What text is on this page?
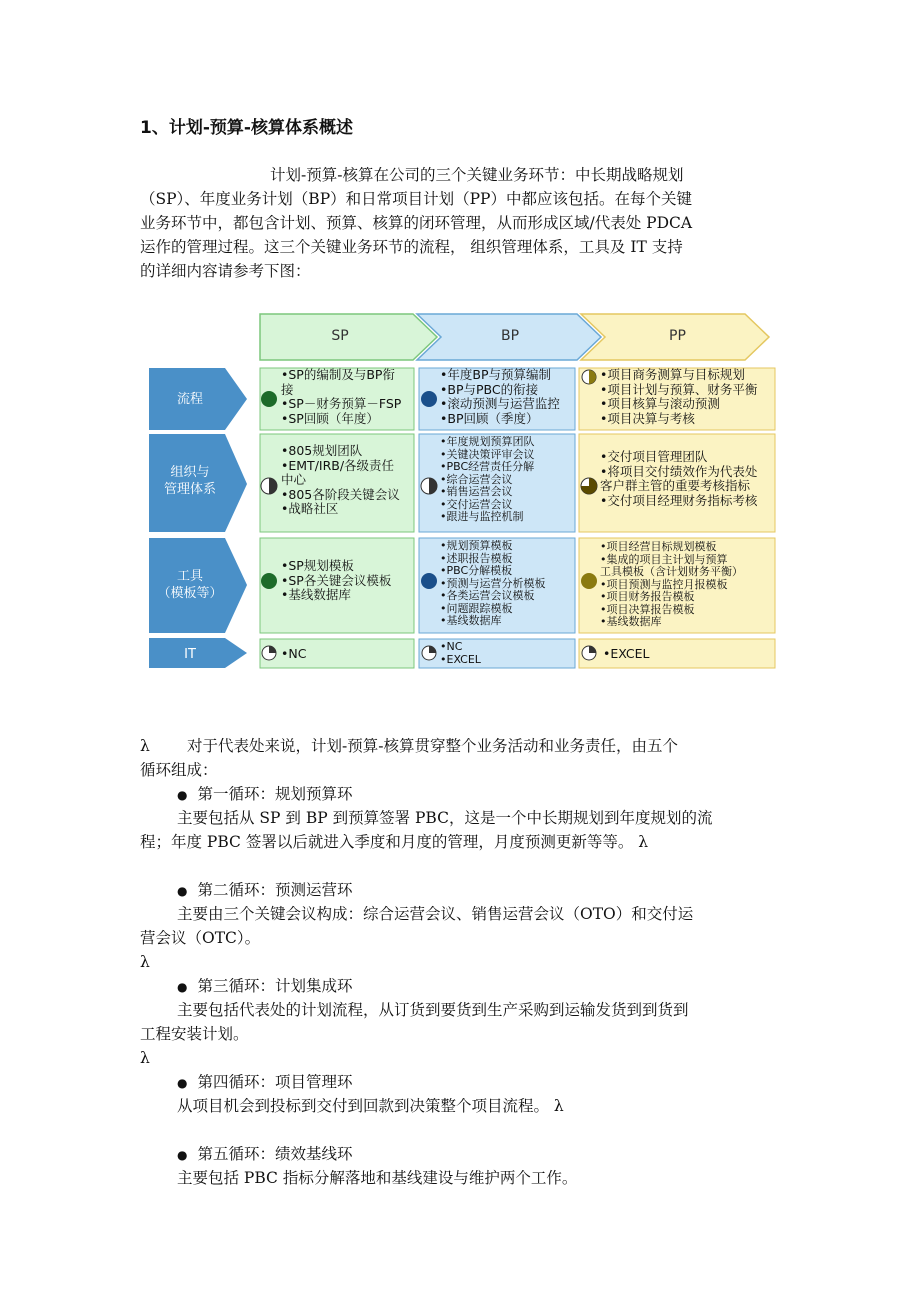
1、计划-预算-核算体系概述
计划-预算-核算在公司的三个关键业务环节：中长期战略规划
（SP）、年度业务计划（BP）和日常项目计划（PP）中都应该包括。在每个关键
业务环节中，都包含计划、预算、核算的闭环管理，从而形成区域/代表处 PDCA
运作的管理过程。这三个关键业务环节的流程， 组织管理体系，工具及 IT 支持
的详细内容请参考下图：
SP	BP	PP
流程
组织与
管理体系
工具
（模板等）
IT
•SP的编制及与BP衔
接
•SP－财务预算－FSP
•SP回顾（年度）
•805规划团队
•EMT/IRB/各级责任
中心
•805各阶段关键会议
•战略社区
•SP规划模板
•SP各关键会议模板
•基线数据库
•NC
•年度BP与预算编制
•BP与PBC的衔接
•滚动预测与运营监控
•BP回顾（季度）
•年度规划预算团队
•关键决策评审会议
•PBC经营责任分解
•综合运营会议
•销售运营会议
•交付运营会议
•跟进与监控机制
•规划预算模板
•述职报告模板
•PBC分解模板
•预测与运营分析模板
•各类运营会议模板
•问题跟踪模板
•基线数据库
•NC
•EXCEL
•项目商务测算与目标规划
•项目计划与预算、财务平衡
•项目核算与滚动预测
•项目决算与考核
•交付项目管理团队
•将项目交付绩效作为代表处
客户群主管的重要考核指标
•交付项目经理财务指标考核
•项目经营目标规划模板
•集成的项目主计划与预算
工具模板（含计划财务平衡）
•项目预测与监控月报模板
•项目财务报告模板
•项目决算报告模板
•基线数据库
•EXCEL
λ 对于代表处来说，计划-预算-核算贯穿整个业务活动和业务责任，由五个
循环组成：
● 第一循环：规划预算环
主要包括从 SP 到 BP 到预算签署 PBC，这是一个中长期规划到年度规划的流
程；年度 PBC 签署以后就进入季度和月度的管理，月度预测更新等等。 λ
● 第二循环：预测运营环
主要由三个关键会议构成：综合运营会议、销售运营会议（OTO）和交付运
营会议（OTC）。
λ
● 第三循环：计划集成环
主要包括代表处的计划流程，从订货到要货到生产采购到运输发货到到货到
工程安装计划。
λ
● 第四循环：项目管理环
从项目机会到投标到交付到回款到决策整个项目流程。 λ
● 第五循环：绩效基线环
主要包括 PBC 指标分解落地和基线建设与维护两个工作。
